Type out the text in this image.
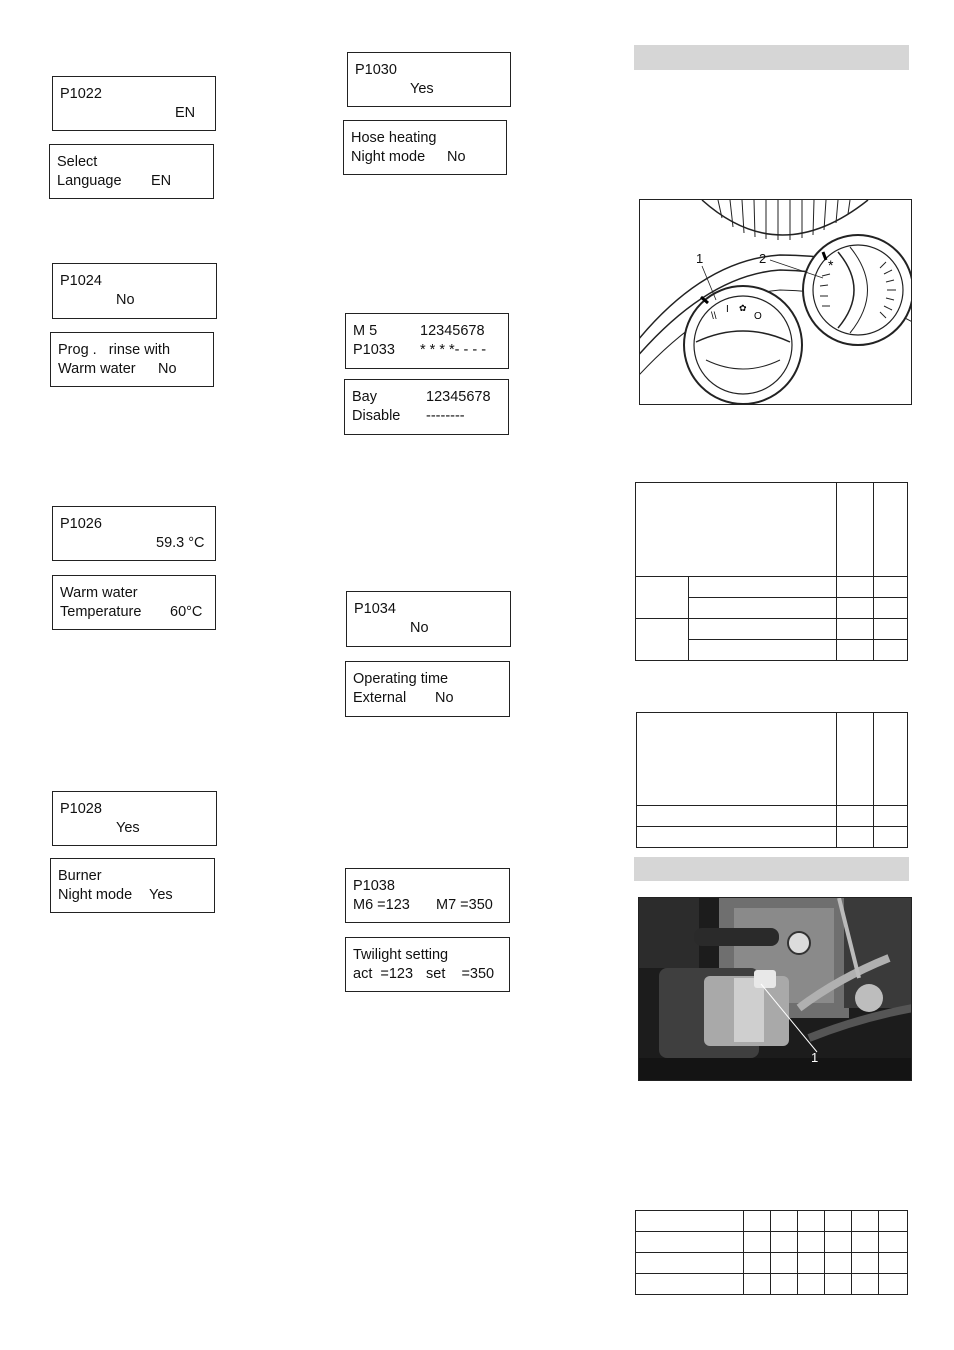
P1022
EN
Select
Language EN
P1024
No
Prog .   rinse with
Warm water No
P1026
59.3 °C
Warm water
Temperature 60°C
P1028
Yes
Burner
Night mode Yes
P1030
Yes
Hose heating
Night mode No
M 5	12345678
P1033 * * * *- - - -
Bay	12345678
Disable --------
P1034
No
Operating time
External No
P1038
M6 =123 M7 =350
Twilight setting
act  =123 set    =350
\\
I ✿
O
*
1	2

1
